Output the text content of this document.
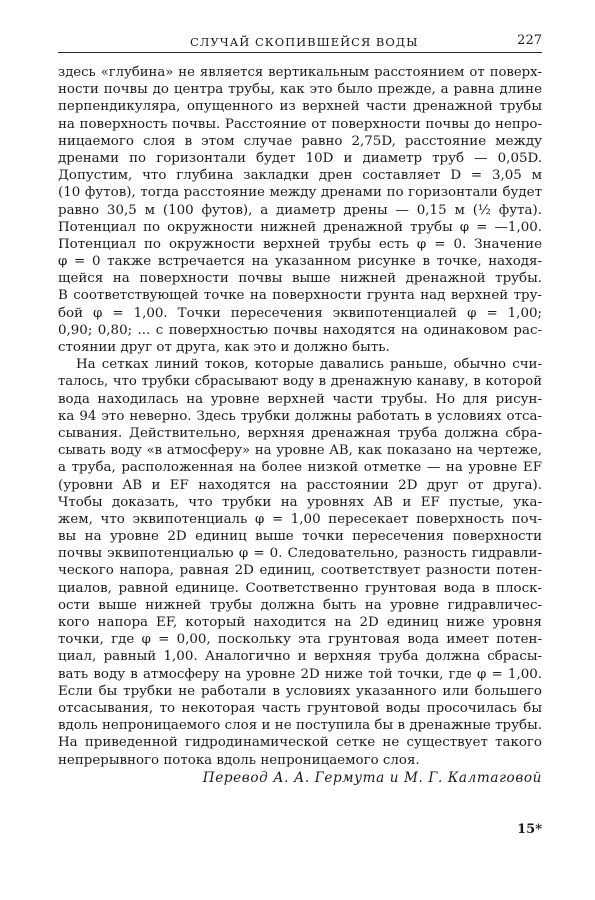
СЛУЧАЙ СКОПИВШЕЙСЯ ВОДЫ	227
здесь «глубина» не является вертикальным расстоянием от поверх-
ности почвы до центра трубы, как это было прежде, а равна длине
перпендикуляра, опущенного из верхней части дренажной трубы
на поверхность почвы. Расстояние от поверхности почвы до непро-
ницаемого слоя в этом случае равно 2,75D, расстояние между
дренами по горизонтали будет 10D и диаметр труб — 0,05D.
Допустим, что глубина закладки дрен составляет D = 3,05 м
(10 футов), тогда расстояние между дренами по горизонтали будет
равно 30,5 м (100 футов), а диаметр дрены — 0,15 м (½ фута).
Потенциал по окружности нижней дренажной трубы φ = —1,00.
Потенциал по окружности верхней трубы есть φ = 0. Значение
φ = 0 также встречается на указанном рисунке в точке, находя-
щейся на поверхности почвы выше нижней дренажной трубы.
В соответствующей точке на поверхности грунта над верхней тру-
бой φ = 1,00. Точки пересечения эквипотенциалей φ = 1,00;
0,90; 0,80; ... с поверхностью почвы находятся на одинаковом рас-
стоянии друг от друга, как это и должно быть.
На сетках линий токов, которые давались раньше, обычно счи-
талось, что трубки сбрасывают воду в дренажную канаву, в которой
вода находилась на уровне верхней части трубы. Но для рисун-
ка 94 это неверно. Здесь трубки должны работать в условиях отса-
сывания. Действительно, верхняя дренажная труба должна сбра-
сывать воду «в атмосферу» на уровне AB, как показано на чертеже,
а труба, расположенная на более низкой отметке — на уровне EF
(уровни AB и EF находятся на расстоянии 2D друг от друга).
Чтобы доказать, что трубки на уровнях AB и EF пустые, ука-
жем, что эквипотенциаль φ = 1,00 пересекает поверхность поч-
вы на уровне 2D единиц выше точки пересечения поверхности
почвы эквипотенциалью φ = 0. Следовательно, разность гидравли-
ческого напора, равная 2D единиц, соответствует разности потен-
циалов, равной единице. Соответственно грунтовая вода в плоск-
ости выше нижней трубы должна быть на уровне гидравличес-
кого напора EF, который находится на 2D единиц ниже уровня
точки, где φ = 0,00, поскольку эта грунтовая вода имеет потен-
циал, равный 1,00. Аналогично и верхняя труба должна сбрасы-
вать воду в атмосферу на уровне 2D ниже той точки, где φ = 1,00.
Если бы трубки не работали в условиях указанного или большего
отсасывания, то некоторая часть грунтовой воды просочилась бы
вдоль непроницаемого слоя и не поступила бы в дренажные трубы.
На приведенной гидродинамической сетке не существует такого
непрерывного потока вдоль непроницаемого слоя.
Перевод А. А. Гермута и М. Г. Калтаговой
15*
